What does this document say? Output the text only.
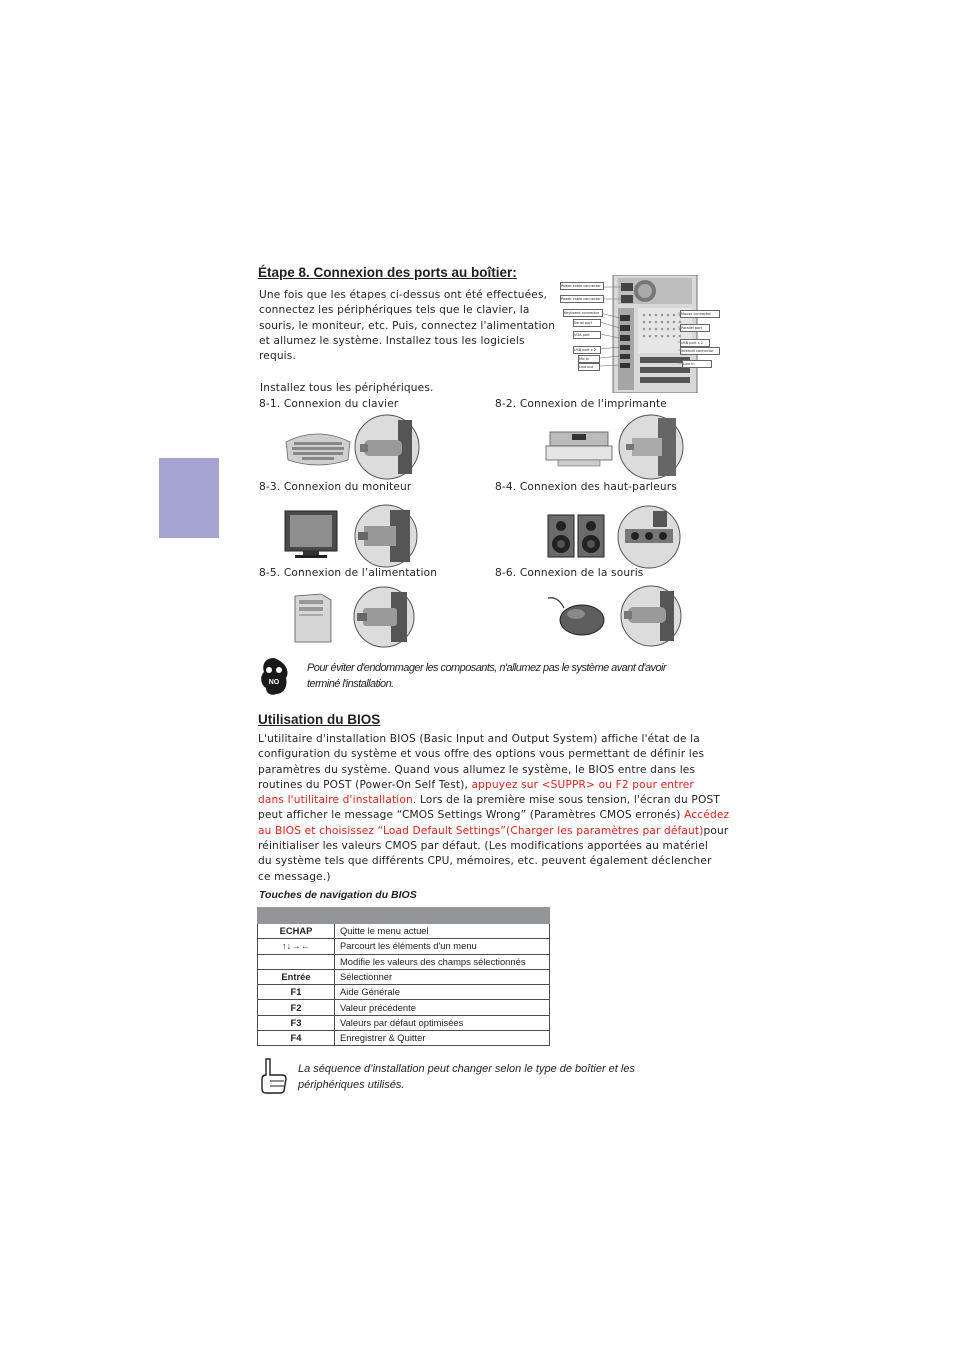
Étape 8. Connexion des ports au boîtier:
Une fois que les étapes ci-dessus ont été effectuées,
connectez les périphériques tels que le clavier, la
souris, le moniteur, etc. Puis, connectez l'alimentation
et allumez le système. Installez tous les logiciels
requis.
Power cable connector
Power cable connector
Keyboard connector
Serial port
VGA port
USB port x 2
Mic In
Line out
Mouse connector
Parallel port
USB port x 2
Internet connector
Line in
Installez tous les périphériques.
8-1. Connexion du clavier	8-2. Connexion de l'imprimante
8-3. Connexion du moniteur	8-4. Connexion des haut-parleurs
8-5. Connexion de l’alimentation	8-6. Connexion de la souris
NO
Pour éviter d'endommager les composants, n'allumez pas le système avant d'avoir
terminé l'installation.
Utilisation du BIOS
L'utilitaire d'installation BIOS (Basic Input and Output System) affiche l'état de la
configuration du système et vous offre des options vous permettant de définir les
paramètres du système. Quand vous allumez le système, le BIOS entre dans les
routines du POST (Power-On Self Test), appuyez sur <SUPPR> ou F2 pour entrer
dans l'utilitaire d'installation. Lors de la première mise sous tension, l'écran du POST
peut afficher le message “CMOS Settings Wrong” (Paramètres CMOS erronés) Accédez
au BIOS et choisissez “Load Default Settings”(Charger les paramètres par défaut)pour
réinitialiser les valeurs CMOS par défaut. (Les modifications apportées au matériel
du système tels que différents CPU, mémoires, etc. peuvent également déclencher
ce message.)
Touches de navigation du BIOS

ECHAP	Quitte le menu actuel
↑↓→←	Parcourt les éléments d'un menu
	Modifie les valeurs des champs sélectionnés
Entrée	Sélectionner
F1	Aide Générale
F2	Valeur précédente
F3	Valeurs par défaut optimisées
F4	Enregistrer & Quitter
La séquence d’installation peut changer selon le type de boîtier et les
périphériques utilisés.
